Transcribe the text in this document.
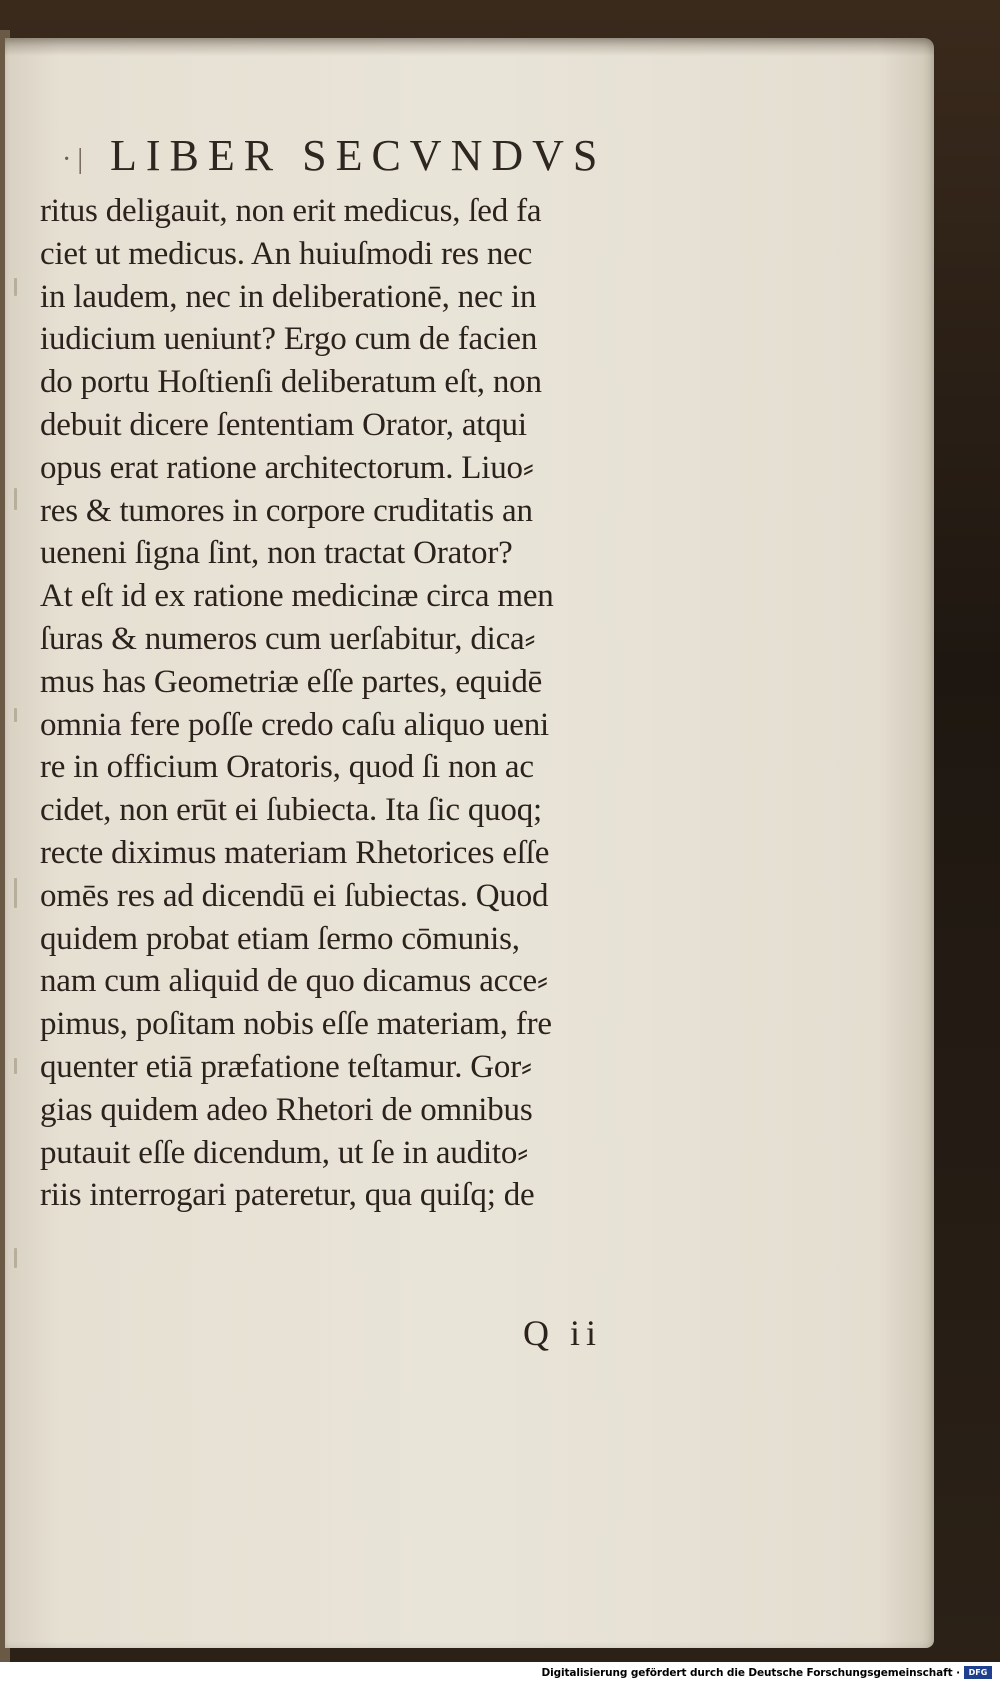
·| LIBER SECVNDVS
ritus deligauit, non erit medicus, ſed fa
ciet ut medicus. An huiuſmodi res nec
in laudem, nec in deliberationē, nec in
iudicium ueniunt? Ergo cum de facien
do portu Hoſtienſi deliberatum eſt, non
debuit dicere ſententiam Orator, atqui
opus erat ratione architectorum. Liuo⸗
res & tumores in corpore cruditatis an
ueneni ſigna ſint, non tractat Orator?
At eſt id ex ratione medicinæ circa men
ſuras & numeros cum uerſabitur, dica⸗
mus has Geometriæ eſſe partes, equidē
omnia fere poſſe credo caſu aliquo ueni
re in officium Oratoris, quod ſi non ac
cidet, non erūt ei ſubiecta. Ita ſic quoq;
recte diximus materiam Rhetorices eſſe
omēs res ad dicendū ei ſubiectas. Quod
quidem probat etiam ſermo cōmunis,
nam cum aliquid de quo dicamus acce⸗
pimus, poſitam nobis eſſe materiam, fre
quenter etiā præfatione teſtamur. Gor⸗
gias quidem adeo Rhetori de omnibus
putauit eſſe dicendum, ut ſe in audito⸗
riis interrogari pateretur, qua quiſq; de
Q ii
Digitalisierung gefördert durch die Deutsche Forschungsgemeinschaft ·	DFG
